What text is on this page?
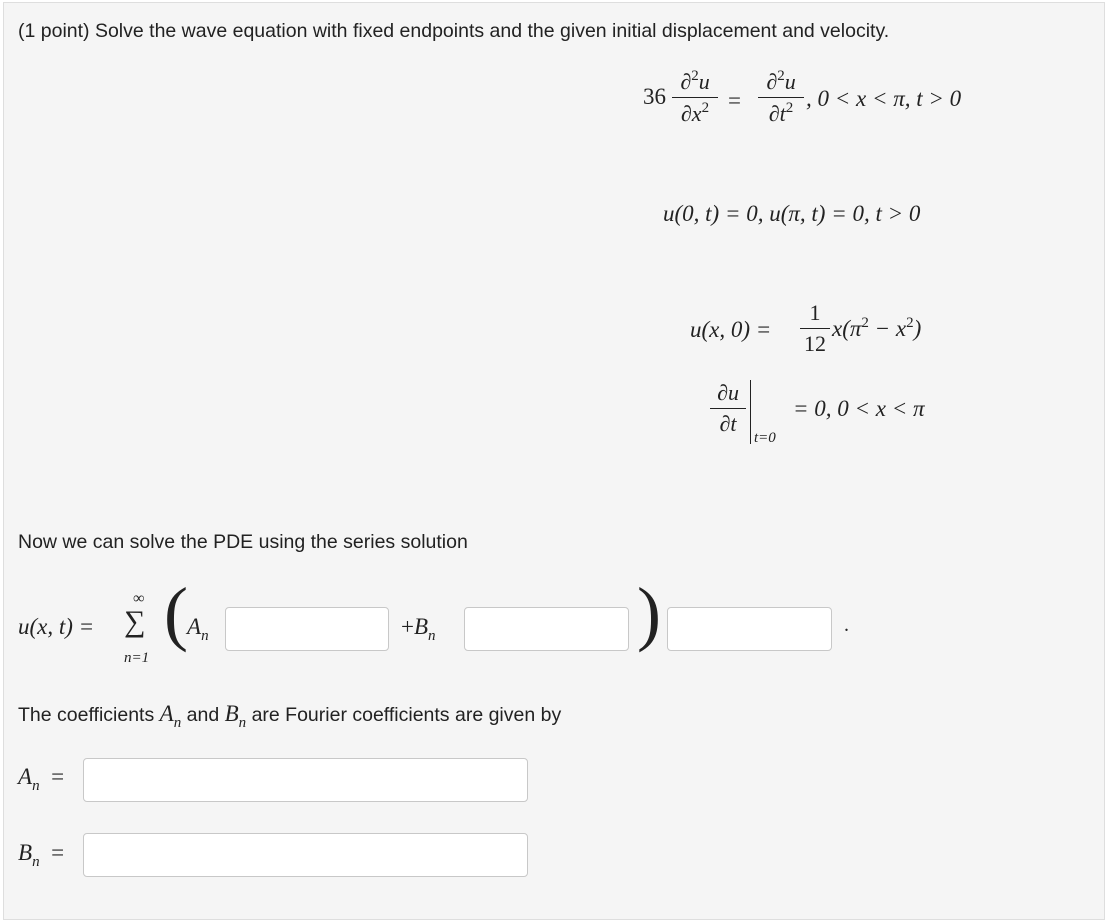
(1 point) Solve the wave equation with fixed endpoints and the given initial displacement and velocity.
36
∂$^2$u
$\partial x^2$ =
∂$^2$u
$\partial t^2$ , 0 < x < π, t > 0
u(0, t) = 0, u(π, t) = 0, t > 0
u(x, 0) =
1
12
$x(\pi^2 - x^2)$
∂u
∂t
t=0
= 0, 0 < x < π
Now we can solve the PDE using the series solution
u(x, t) =
∞
∑
n=1
( $A_n$	$+B_n$	)	.
The coefficients $A_n$ and $B_n$ are Fourier coefficients are given by
$A_n$  =
$B_n$  =
